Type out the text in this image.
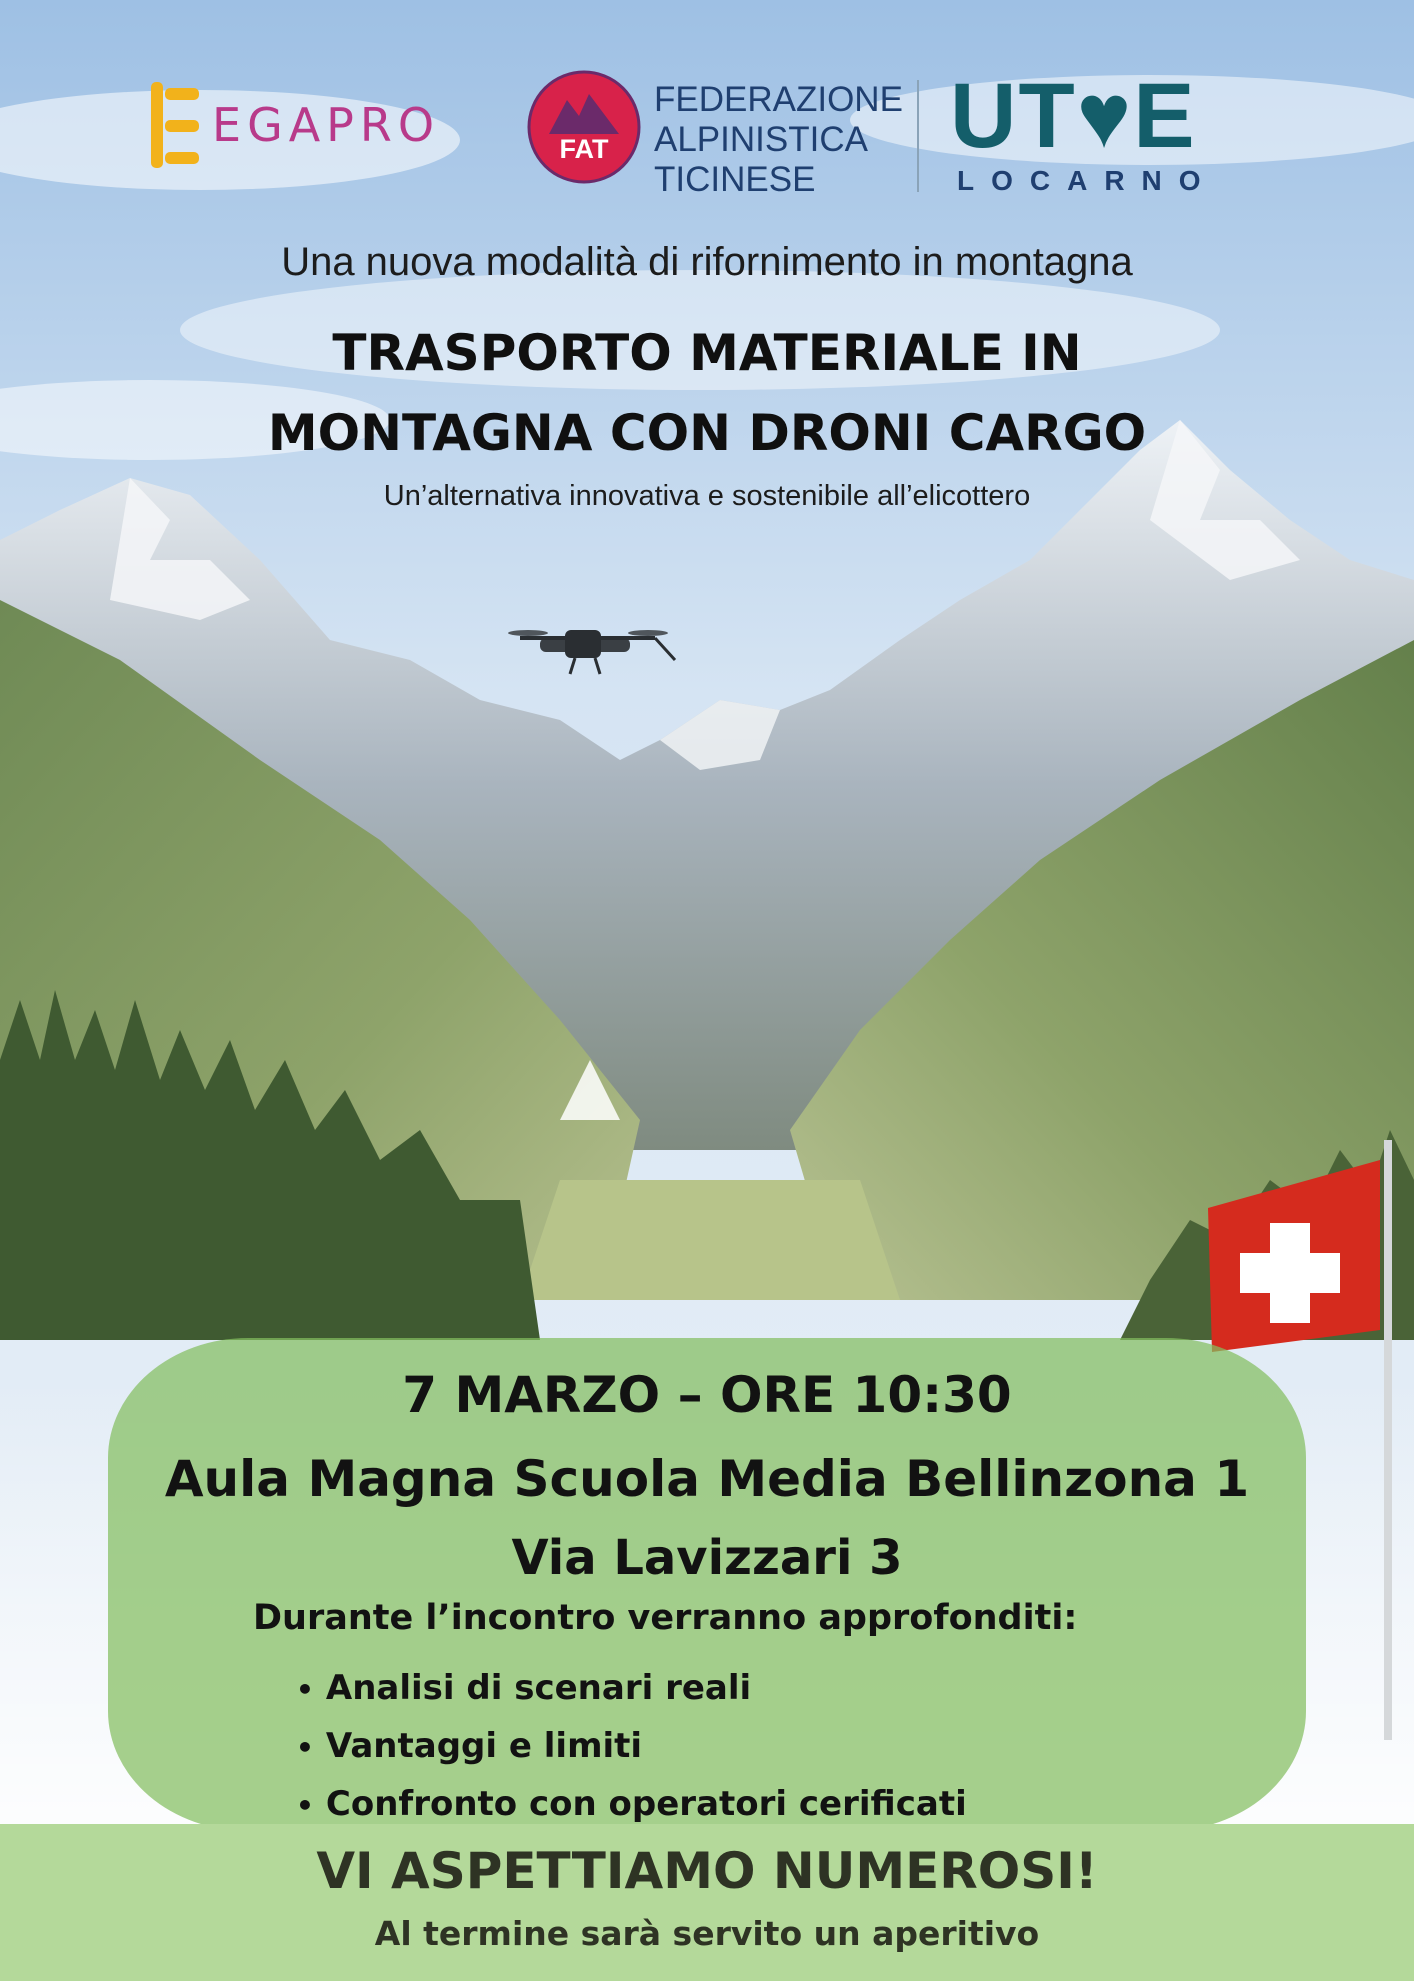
EGAPRO	FAT
FEDERAZIONE
ALPINISTICA
TICINESE
UT♥E
LOCARNO
Una nuova modalità di rifornimento in montagna
TRASPORTO MATERIALE IN
MONTAGNA CON DRONI CARGO
Un’alternativa innovativa e sostenibile all’elicottero
7 MARZO – ORE 10:30
Aula Magna Scuola Media Bellinzona 1
Via Lavizzari 3
Durante l’incontro verranno approfonditi:
• Analisi di scenari reali
• Vantaggi e limiti
• Confronto con operatori cerificati
VI ASPETTIAMO NUMEROSI!
Al termine sarà servito un aperitivo
